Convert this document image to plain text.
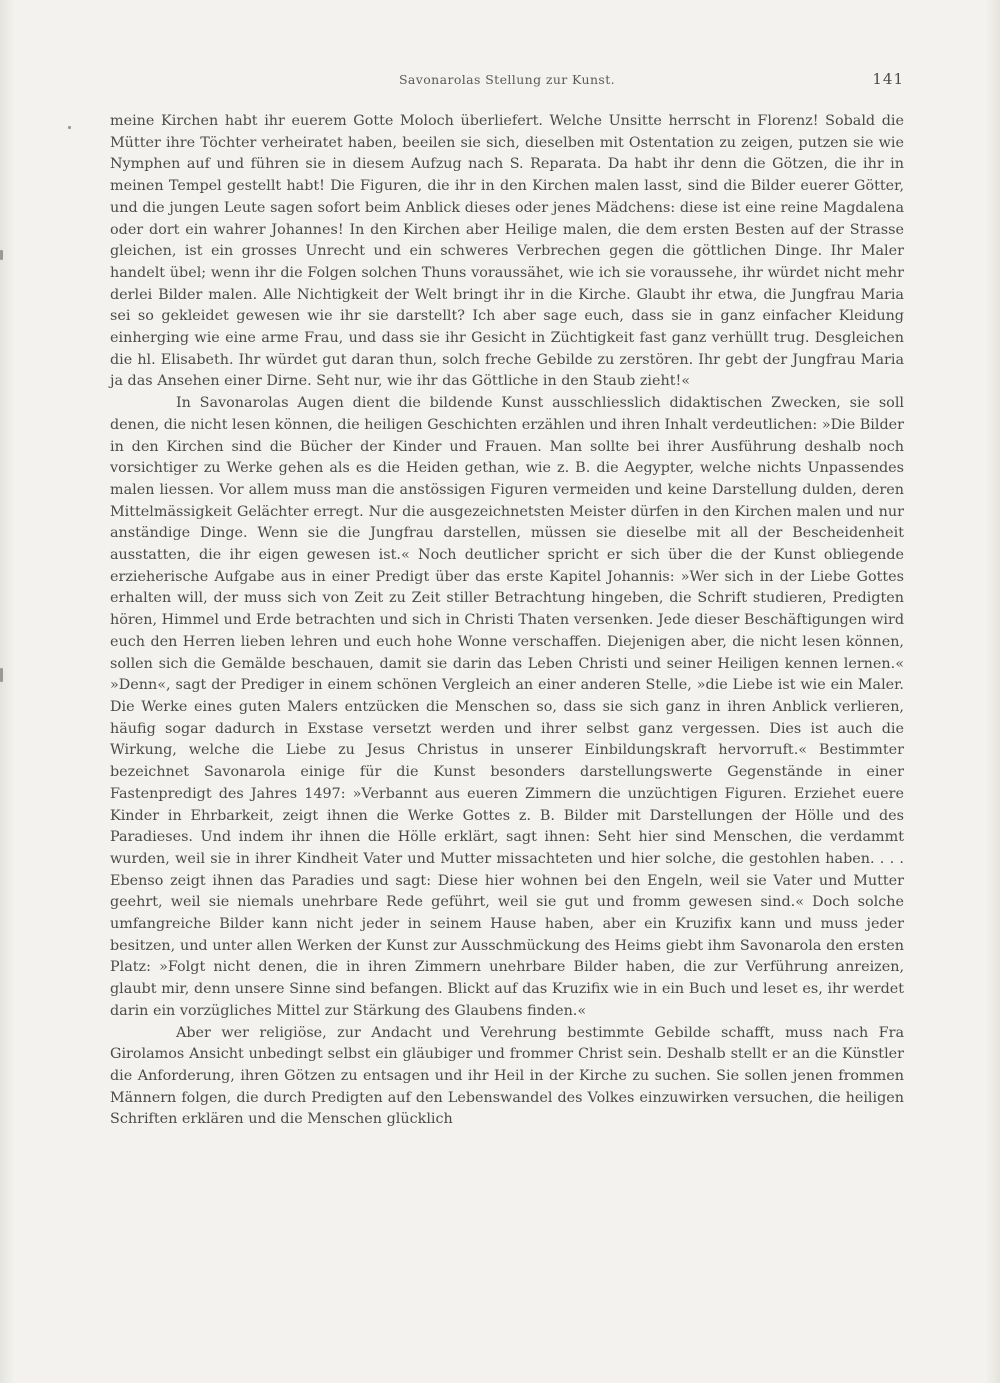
Savonarolas Stellung zur Kunst.	141

meine Kirchen habt ihr euerem Gotte Moloch überliefert. Welche Unsitte herrscht in Florenz! Sobald die Mütter ihre Töchter verheiratet haben, beeilen sie sich, dieselben mit Ostentation zu zeigen, putzen sie wie Nymphen auf und führen sie in diesem Aufzug nach S. Reparata. Da habt ihr denn die Götzen, die ihr in meinen Tempel gestellt habt! Die Figuren, die ihr in den Kirchen malen lasst, sind die Bilder euerer Götter, und die jungen Leute sagen sofort beim Anblick dieses oder jenes Mädchens: diese ist eine reine Magdalena oder dort ein wahrer Johannes! In den Kirchen aber Heilige malen, die dem ersten Besten auf der Strasse gleichen, ist ein grosses Unrecht und ein schweres Verbrechen gegen die göttlichen Dinge. Ihr Maler handelt übel; wenn ihr die Folgen solchen Thuns voraussähet, wie ich sie voraussehe, ihr würdet nicht mehr derlei Bilder malen. Alle Nichtigkeit der Welt bringt ihr in die Kirche. Glaubt ihr etwa, die Jungfrau Maria sei so gekleidet gewesen wie ihr sie darstellt? Ich aber sage euch, dass sie in ganz einfacher Kleidung einherging wie eine arme Frau, und dass sie ihr Gesicht in Züchtigkeit fast ganz verhüllt trug. Desgleichen die hl. Elisabeth. Ihr würdet gut daran thun, solch freche Gebilde zu zerstören. Ihr gebt der Jungfrau Maria ja das Ansehen einer Dirne. Seht nur, wie ihr das Göttliche in den Staub zieht!«

In Savonarolas Augen dient die bildende Kunst ausschliesslich didaktischen Zwecken, sie soll denen, die nicht lesen können, die heiligen Geschichten erzählen und ihren Inhalt verdeutlichen: »Die Bilder in den Kirchen sind die Bücher der Kinder und Frauen. Man sollte bei ihrer Ausführung deshalb noch vorsichtiger zu Werke gehen als es die Heiden gethan, wie z. B. die Aegypter, welche nichts Unpassendes malen liessen. Vor allem muss man die anstössigen Figuren vermeiden und keine Darstellung dulden, deren Mittelmässigkeit Gelächter erregt. Nur die ausgezeichnetsten Meister dürfen in den Kirchen malen und nur anständige Dinge. Wenn sie die Jungfrau darstellen, müssen sie dieselbe mit all der Bescheidenheit ausstatten, die ihr eigen gewesen ist.« Noch deutlicher spricht er sich über die der Kunst obliegende erzieherische Aufgabe aus in einer Predigt über das erste Kapitel Johannis: »Wer sich in der Liebe Gottes erhalten will, der muss sich von Zeit zu Zeit stiller Betrachtung hingeben, die Schrift studieren, Predigten hören, Himmel und Erde betrachten und sich in Christi Thaten versenken. Jede dieser Beschäftigungen wird euch den Herren lieben lehren und euch hohe Wonne verschaffen. Diejenigen aber, die nicht lesen können, sollen sich die Gemälde beschauen, damit sie darin das Leben Christi und seiner Heiligen kennen lernen.« »Denn«, sagt der Prediger in einem schönen Vergleich an einer anderen Stelle, »die Liebe ist wie ein Maler. Die Werke eines guten Malers entzücken die Menschen so, dass sie sich ganz in ihren Anblick verlieren, häufig sogar dadurch in Exstase versetzt werden und ihrer selbst ganz vergessen. Dies ist auch die Wirkung, welche die Liebe zu Jesus Christus in unserer Einbildungskraft hervorruft.« Bestimmter bezeichnet Savonarola einige für die Kunst besonders darstellungswerte Gegenstände in einer Fastenpredigt des Jahres 1497: »Verbannt aus eueren Zimmern die unzüchtigen Figuren. Erziehet euere Kinder in Ehrbarkeit, zeigt ihnen die Werke Gottes z. B. Bilder mit Darstellungen der Hölle und des Paradieses. Und indem ihr ihnen die Hölle erklärt, sagt ihnen: Seht hier sind Menschen, die verdammt wurden, weil sie in ihrer Kindheit Vater und Mutter missachteten und hier solche, die gestohlen haben. . . . Ebenso zeigt ihnen das Paradies und sagt: Diese hier wohnen bei den Engeln, weil sie Vater und Mutter geehrt, weil sie niemals unehrbare Rede geführt, weil sie gut und fromm gewesen sind.« Doch solche umfangreiche Bilder kann nicht jeder in seinem Hause haben, aber ein Kruzifix kann und muss jeder besitzen, und unter allen Werken der Kunst zur Ausschmückung des Heims giebt ihm Savonarola den ersten Platz: »Folgt nicht denen, die in ihren Zimmern unehrbare Bilder haben, die zur Verführung anreizen, glaubt mir, denn unsere Sinne sind befangen. Blickt auf das Kruzifix wie in ein Buch und leset es, ihr werdet darin ein vorzügliches Mittel zur Stärkung des Glaubens finden.«

Aber wer religiöse, zur Andacht und Verehrung bestimmte Gebilde schafft, muss nach Fra Girolamos Ansicht unbedingt selbst ein gläubiger und frommer Christ sein. Deshalb stellt er an die Künstler die Anforderung, ihren Götzen zu entsagen und ihr Heil in der Kirche zu suchen. Sie sollen jenen frommen Männern folgen, die durch Predigten auf den Lebenswandel des Volkes einzuwirken versuchen, die heiligen Schriften erklären und die Menschen glücklich
